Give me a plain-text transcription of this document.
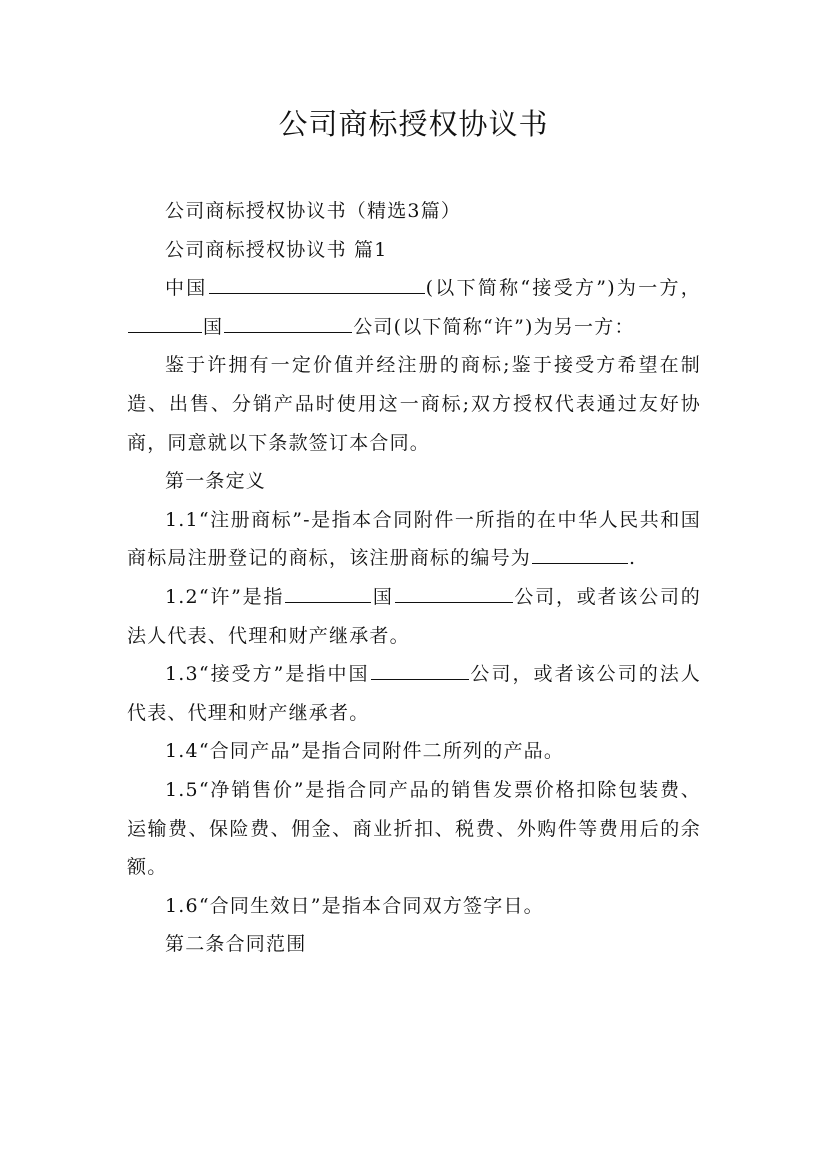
公司商标授权协议书

公司商标授权协议书（精选3篇）

公司商标授权协议书 篇1

中国	(以下简称“接受方”)为一方，国	公司(以下简称“许”)为另一方：

鉴于许拥有一定价值并经注册的商标;鉴于接受方希望在制造、出售、分销产品时使用这一商标;双方授权代表通过友好协商，同意就以下条款签订本合同。

第一条定义

1.1“注册商标”-是指本合同附件一所指的在中华人民共和国商标局注册登记的商标，该注册商标的编号为	.

1.2“许”是指	国	公司，或者该公司的法人代表、代理和财产继承者。

1.3“接受方”是指中国	公司，或者该公司的法人代表、代理和财产继承者。

1.4“合同产品”是指合同附件二所列的产品。

1.5“净销售价”是指合同产品的销售发票价格扣除包装费、运输费、保险费、佣金、商业折扣、税费、外购件等费用后的余额。

1.6“合同生效日”是指本合同双方签字日。

第二条合同范围
